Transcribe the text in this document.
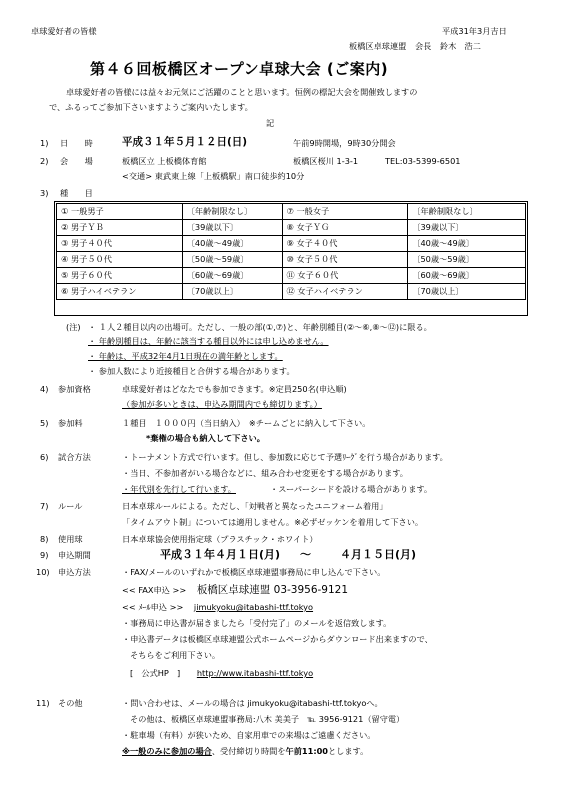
卓球愛好者の皆様	平成31年3月吉日
板橋区卓球連盟 会長 鈴木　浩二
第４６回板橋区オープン卓球大会 (ご案内)
卓球愛好者の皆様には益々お元気にご活躍のことと思います。恒例の標記大会を開催致しますの
で、ふるってご参加下さいますようご案内いたします。
記
1) 日　　時	平成３１年５月１２日(日)	午前9時開場，9時30分開会
2) 会　　場	板橋区立 上板橋体育館	板橋区桜川 1-3-1	TEL:03-5399-6501
<交通> 東武東上線「上板橋駅」南口徒歩約10分
3) 種　　目
① 一般男子	〔年齢制限なし〕	⑦ 一般女子	〔年齢制限なし〕
② 男子ＹＢ	〔39歳以下〕	⑧ 女子ＹＧ	〔39歳以下〕
③ 男子４０代	〔40歳～49歳〕	⑨ 女子４０代	〔40歳～49歳〕
④ 男子５０代	〔50歳～59歳〕	⑩ 女子５０代	〔50歳～59歳〕
⑤ 男子６０代	〔60歳～69歳〕	⑪ 女子６０代	〔60歳～69歳〕
⑥ 男子ハイベテラン	〔70歳以上〕	⑫ 女子ハイベテラン	〔70歳以上〕
(注) ・ １人２種目以内の出場可。ただし、一般の部(①,⑦)と、年齢別種目(②～⑥,⑧～⑫)に限る。
・ 年齢別種目は、年齢に該当する種目以外には申し込めません。
・ 年齢は、平成32年4月1日現在の満年齢とします。
・ 参加人数により近接種目と合併する場合があります。
4) 参加資格	卓球愛好者はどなたでも参加できます。※定員250名(申込順)
（参加が多いときは、申込み期間内でも締切ります。）
5) 参加料	１種目　１０００円（当日納入）　※チームごとに納入して下さい。
*棄権の場合も納入して下さい。
6) 試合方法	・トーナメント方式で行います。但し、参加数に応じて予選ﾘｰｸﾞを行う場合があります。
・当日、不参加者がいる場合などに、組み合わせ変更をする場合があります。
・年代別を先行して行います。	・スーパーシードを設ける場合があります。
7) ルール	日本卓球ルールによる。ただし、「対戦者と異なったユニフォーム着用」
「タイムアウト制」については適用しません。※必ずゼッケンを着用して下さい。
8) 使用球	日本卓球協会使用指定球（プラスチック・ホワイト）
9) 申込期間	平成３１年４月１日(月) ～	４月１５日(月)
10) 申込方法	・FAX/メールのいずれかで板橋区卓球連盟事務局に申し込んで下さい。
<< FAX申込 >> 板橋区卓球連盟 03-3956-9121
<< ﾒｰﾙ申込 >> jimukyoku@itabashi-ttf.tokyo
・事務局に申込書が届きましたら「受付完了」のメールを返信致します。
・申込書データは板橋区卓球連盟公式ホームページからダウンロード出来ますので、
そちらをご利用下さい。
[　公式HP　] http://www.itabashi-ttf.tokyo
11) その他	・問い合わせは、メールの場合は jimukyoku@itabashi-ttf.tokyoへ。
その他は、板橋区卓球連盟事務局:八木 美美子　℡ 3956-9121（留守電）
・駐車場（有料）が狭いため、自家用車での来場はご遠慮ください。
※一般のみに参加の場合、受付締切り時間を午前11:00とします。
